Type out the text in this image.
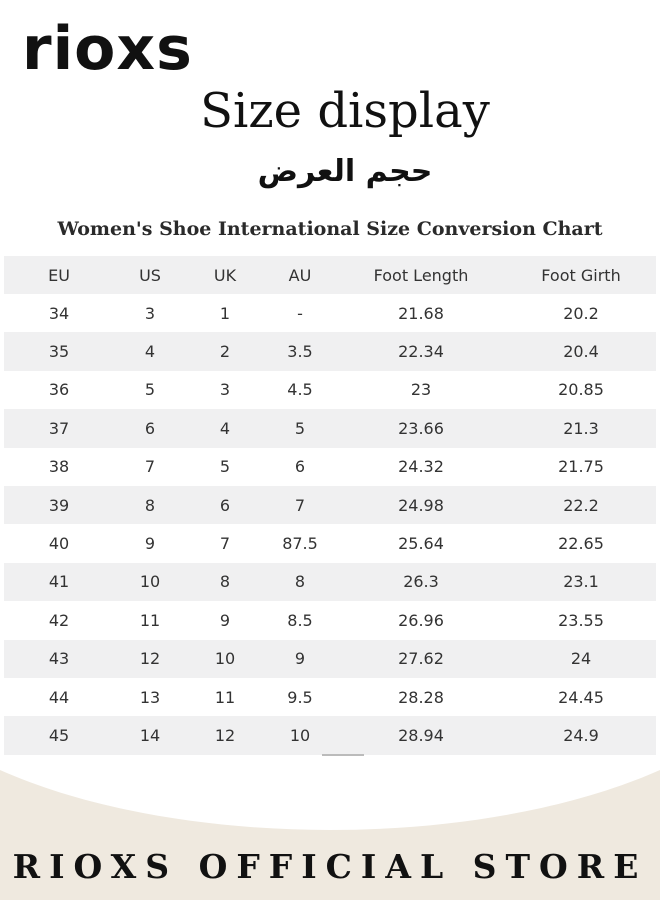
rioxs
Size display
حجم العرض
Women's Shoe International Size Conversion Chart
EU	US	UK	AU	Foot Length	Foot Girth
34	3	1	-	21.68	20.2
35	4	2	3.5	22.34	20.4
36	5	3	4.5	23	20.85
37	6	4	5	23.66	21.3
38	7	5	6	24.32	21.75
39	8	6	7	24.98	22.2
40	9	7	87.5	25.64	22.65
41	10	8	8	26.3	23.1
42	11	9	8.5	26.96	23.55
43	12	10	9	27.62	24
44	13	11	9.5	28.28	24.45
45	14	12	10	28.94	24.9
RIOXS OFFICIAL STORE
